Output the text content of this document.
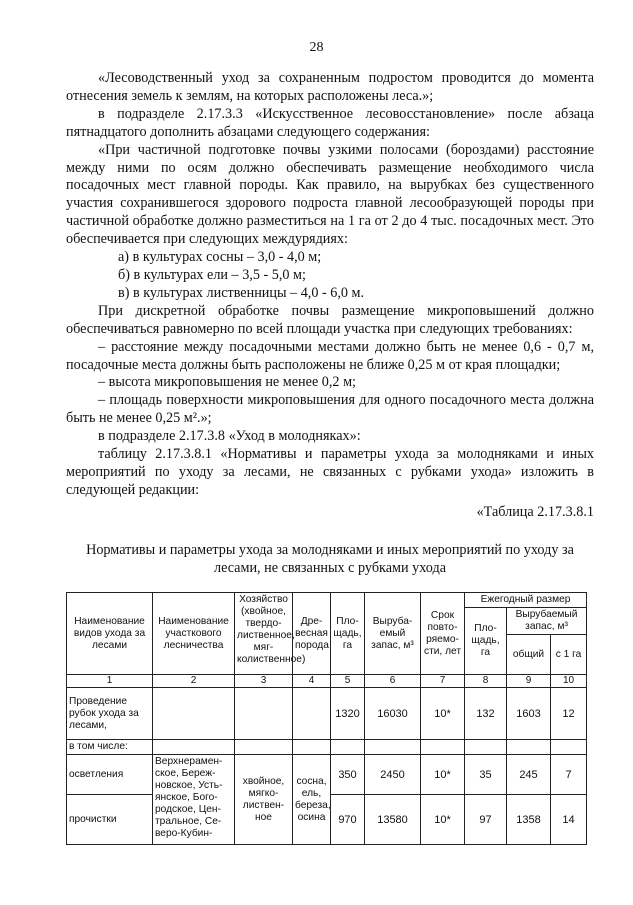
28

«Лесоводственный уход за сохраненным подростом проводится до момента отнесения земель к землям, на которых расположены леса.»;

в подразделе 2.17.3.3 «Искусственное лесовосстановление» после абзаца пятнадцатого дополнить абзацами следующего содержания:

«При частичной подготовке почвы узкими полосами (бороздами) расстояние между ними по осям должно обеспечивать размещение необходимого числа посадочных мест главной породы. Как правило, на вырубках без существенного участия сохранившегося здорового подроста главной лесообразующей породы при частичной обработке должно разместиться на 1 га от 2 до 4 тыс. посадочных мест. Это обеспечивается при следующих междурядиях:

а) в культурах сосны – 3,0 - 4,0 м;

б) в культурах ели – 3,5 - 5,0 м;

в) в культурах лиственницы – 4,0 - 6,0 м.

При дискретной обработке почвы размещение микроповышений должно обеспечиваться равномерно по всей площади участка при следующих требованиях:

– расстояние между посадочными местами должно быть не менее 0,6 - 0,7 м, посадочные места должны быть расположены не ближе 0,25 м от края площадки;

– высота микроповышения не менее 0,2 м;

– площадь поверхности микроповышения для одного посадочного места должна быть не менее 0,25 м².»;

в подразделе 2.17.3.8 «Уход в молодняках»:

таблицу 2.17.3.8.1 «Нормативы и параметры ухода за молодняками и иных мероприятий по уходу за лесами, не связанных с рубками ухода» изложить в следующей редакции:

«Таблица 2.17.3.8.1

Нормативы и параметры ухода за молодняками и иных мероприятий по уходу за лесами, не связанных с рубками ухода
Наименование видов ухода за лесами	Наименование участкового лесничества	Хозяйство (хвойное, твердо-лиственное, мяг-колиственное)	Дре-весная порода	Пло-щадь, га	Выруба-емый запас, м³	Срок повто-ряемо-сти, лет	Ежегодный размер		
							Пло-щадь, га	Вырубаемый запас, м³	
								общий	с 1 га
1	2	3	4	5	6	7	8	9	10
Проведение рубок ухода за лесами,				1320	16030	10*	132	1603	12
в том числе:									
осветления	Верхнерамен-ское, Береж-новское, Усть-янское, Бого-родское, Цен-тральное, Се-веро-Кубин-	хвойное, мягко-листвен-ное	сосна, ель, береза, осина	350	2450	10*	35	245	7
прочистки				970	13580	10*	97	1358	14
